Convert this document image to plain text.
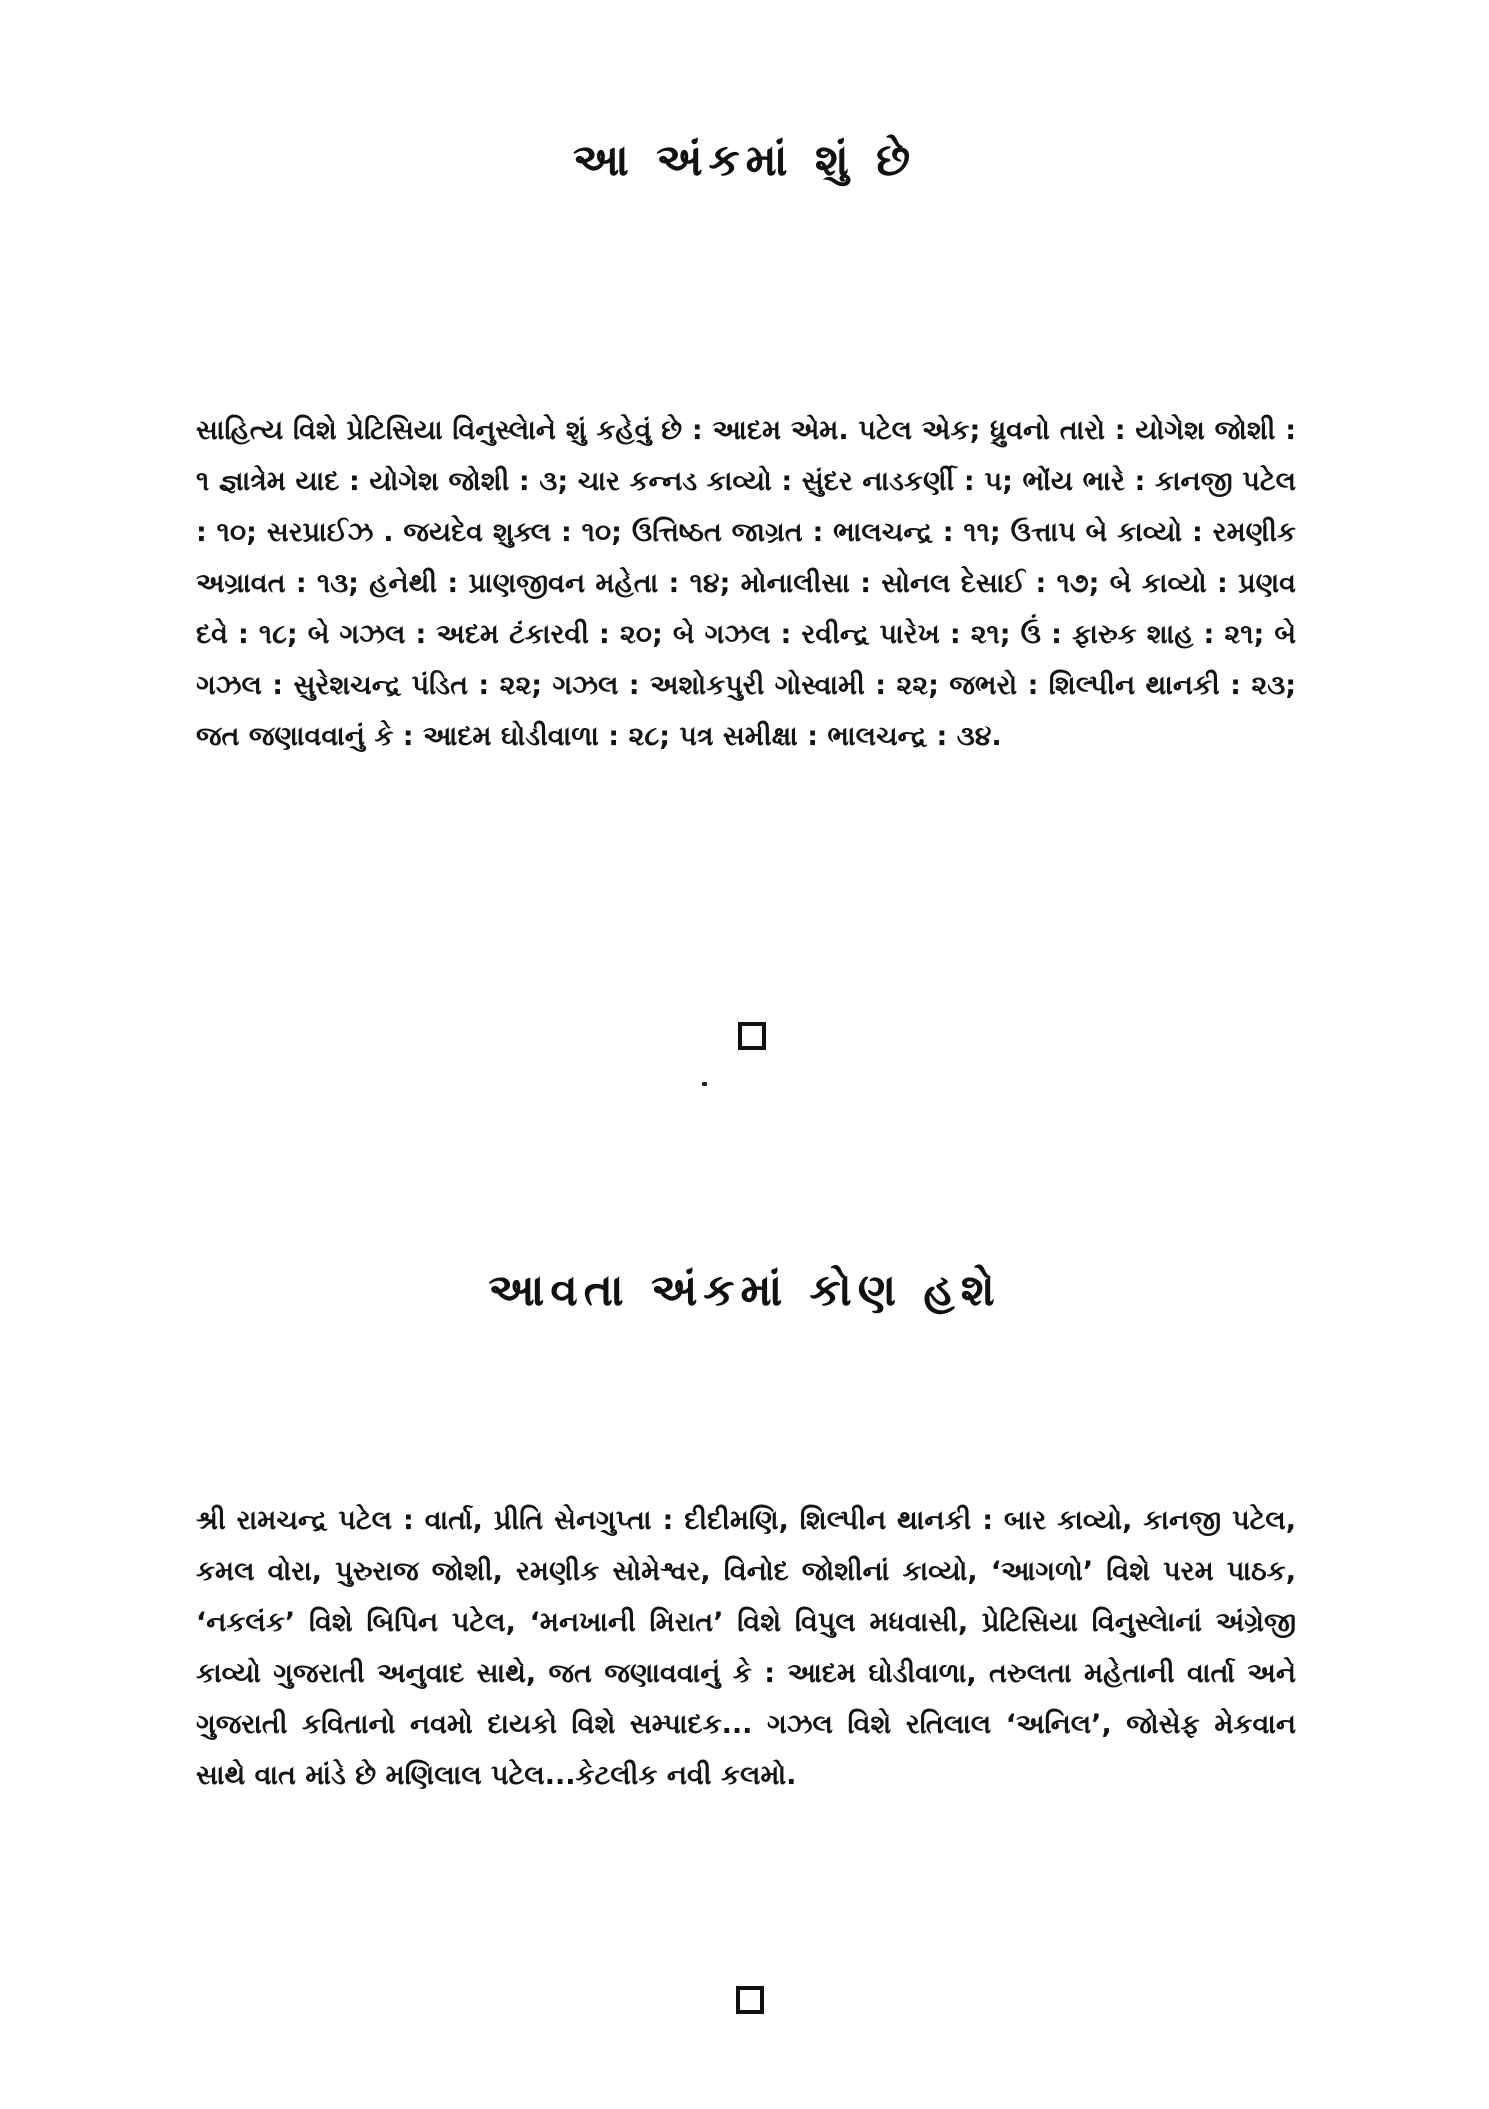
આ અંકમાં શું છે
સાહિત્ય વિશે પ્રેટિસિયા વિનુસ્લેાને શું કહેવું છે : આદમ એમ. પટેલ એક; ધ્રુવનો તારો : યોગેશ જોશી : ૧ જ્ઞાત્રેમ યાદ : યોગેશ જોશી : ૩; ચાર કન્નડ કાવ્યો : સુંદર નાડકર્ણી : ૫; ભોંય ભારે : કાનજી પટેલ : ૧૦; સરપ્રાઈઝ . જયદેવ શુક્લ : ૧૦; ઉત્તિષ્ઠત જાગ્રત : ભાલચન્દ્ર : ૧૧; ઉત્તાપ બે કાવ્યો : રમણીક અગ્રાવત : ૧૩; હનેથી : પ્રાણજીવન મહેતા : ૧૪; મોનાલીસા : સોનલ દેસાઈ : ૧૭; બે કાવ્યો : પ્રણવ દવે : ૧૮; બે ગઝલ : અદમ ટંકારવી : ૨૦; બે ગઝલ : રવીન્દ્ર પારેખ : ૨૧; ઉં : ફારુક શાહ : ૨૧; બે ગઝલ : સુરેશચન્દ્ર પંડિત : ૨૨; ગઝલ : અશોકપુરી ગોસ્વામી : ૨૨; જભરો : શિલ્પીન થાનકી : ૨૩; જત જણાવવાનું કે : આદમ ઘોડીવાળા : ૨૮; પત્ર સમીક્ષા : ભાલચન્દ્ર : ૩૪.
આવતા અંકમાં કોણ હશે
શ્રી રામચન્દ્ર પટેલ : વાર્તા, પ્રીતિ સેનગુપ્તા : દીદીમણિ, શિલ્પીન થાનકી : બાર કાવ્યો, કાનજી પટેલ, કમલ વોરા, પુરુરાજ જોશી, રમણીક સોમેશ્વર, વિનોદ જોશીનાં કાવ્યો, ‘આગળો’ વિશે પરમ પાઠક, ‘નકલંક’ વિશે બિપિન પટેલ, ‘મનખાની મિરાત’ વિશે વિપુલ મધવાસી, પ્રેટિસિયા વિનુસ્લેાનાં અંગ્રેજી કાવ્યો ગુજરાતી અનુવાદ સાથે, જત જણાવવાનું કે : આદમ ઘોડીવાળા, તરુલતા મહેતાની વાર્તા અને ગુજરાતી કવિતાનો નવમો દાયકો વિશે સમ્પાદક... ગઝલ વિશે રતિલાલ ‘અનિલ’, જોસેફ મેકવાન સાથે વાત માંડે છે મણિલાલ પટેલ...કેટલીક નવી કલમો.
